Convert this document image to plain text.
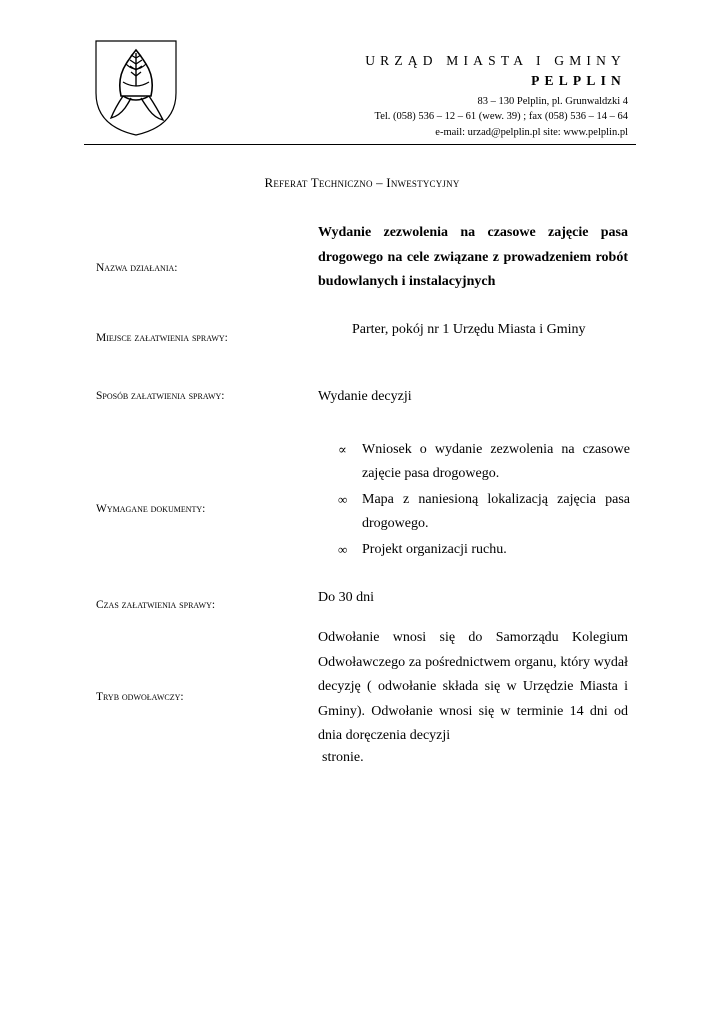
URZĄD MIASTA I GMINY
PELPLIN
83 – 130 Pelplin, pl. Grunwaldzki 4
Tel. (058) 536 – 12 – 61 (wew. 39) ; fax (058) 536 – 14 – 64
e-mail: urzad@pelplin.pl site: www.pelplin.pl
Referat Techniczno – Inwestycyjny
Nazwa działania:
Wydanie zezwolenia na czasowe zajęcie pasa drogowego na cele związane z prowadzeniem robót budowlanych i instalacyjnych
Miejsce załatwienia sprawy:
Parter, pokój nr 1 Urzędu Miasta i Gminy
Sposób załatwienia sprawy:	Wydanie decyzji
Wymagane dokumenty:
∝ Wniosek o wydanie zezwolenia na czasowe zajęcie pasa drogowego.
∞ Mapa z naniesioną lokalizacją zajęcia pasa drogowego.
∞ Projekt organizacji ruchu.
Czas załatwienia sprawy:	Do 30 dni
Tryb odwoławczy:
Odwołanie wnosi się do Samorządu Kolegium Odwoławczego za pośrednictwem organu, który wydał decyzję ( odwołanie składa się w Urzędzie Miasta i Gminy). Odwołanie wnosi się w terminie 14 dni od dnia doręczenia decyzji
stronie.
